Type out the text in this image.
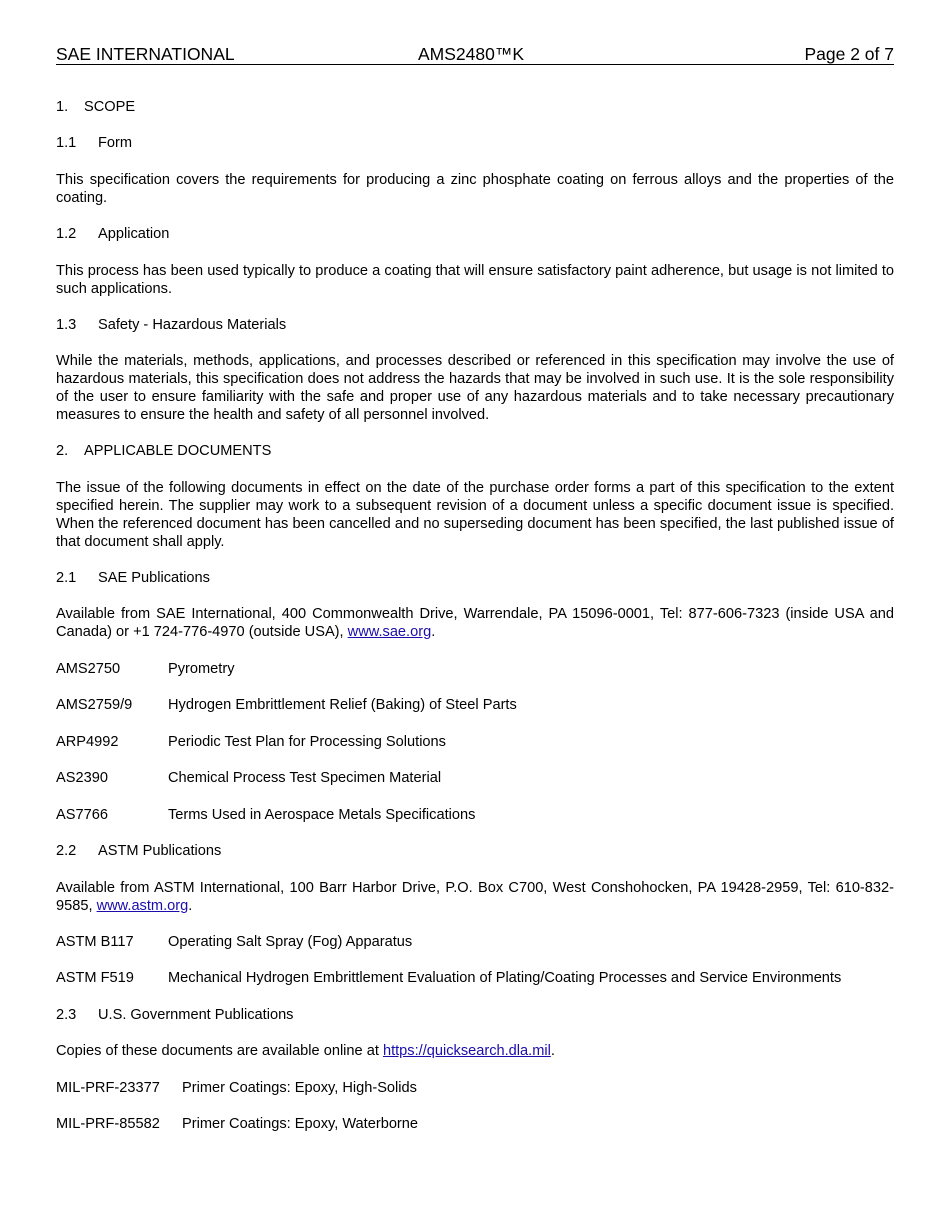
SAE INTERNATIONAL	AMS2480™K	Page 2 of 7
1. SCOPE
1.1 Form
This specification covers the requirements for producing a zinc phosphate coating on ferrous alloys and the properties of the coating.
1.2 Application
This process has been used typically to produce a coating that will ensure satisfactory paint adherence, but usage is not limited to such applications.
1.3 Safety - Hazardous Materials
While the materials, methods, applications, and processes described or referenced in this specification may involve the use of hazardous materials, this specification does not address the hazards that may be involved in such use. It is the sole responsibility of the user to ensure familiarity with the safe and proper use of any hazardous materials and to take necessary precautionary measures to ensure the health and safety of all personnel involved.
2. APPLICABLE DOCUMENTS
The issue of the following documents in effect on the date of the purchase order forms a part of this specification to the extent specified herein. The supplier may work to a subsequent revision of a document unless a specific document issue is specified. When the referenced document has been cancelled and no superseding document has been specified, the last published issue of that document shall apply.
2.1 SAE Publications
Available from SAE International, 400 Commonwealth Drive, Warrendale, PA 15096-0001, Tel: 877-606-7323 (inside USA and Canada) or +1 724-776-4970 (outside USA), www.sae.org.
AMS2750	Pyrometry
AMS2759/9 Hydrogen Embrittlement Relief (Baking) of Steel Parts
ARP4992	Periodic Test Plan for Processing Solutions
AS2390	Chemical Process Test Specimen Material
AS7766	Terms Used in Aerospace Metals Specifications
2.2 ASTM Publications
Available from ASTM International, 100 Barr Harbor Drive, P.O. Box C700, West Conshohocken, PA 19428-2959, Tel: 610-832-9585, www.astm.org.
ASTM B117 Operating Salt Spray (Fog) Apparatus
ASTM F519 Mechanical Hydrogen Embrittlement Evaluation of Plating/Coating Processes and Service Environments
2.3 U.S. Government Publications
Copies of these documents are available online at https://quicksearch.dla.mil.
MIL-PRF-23377 Primer Coatings: Epoxy, High-Solids
MIL-PRF-85582 Primer Coatings: Epoxy, Waterborne
